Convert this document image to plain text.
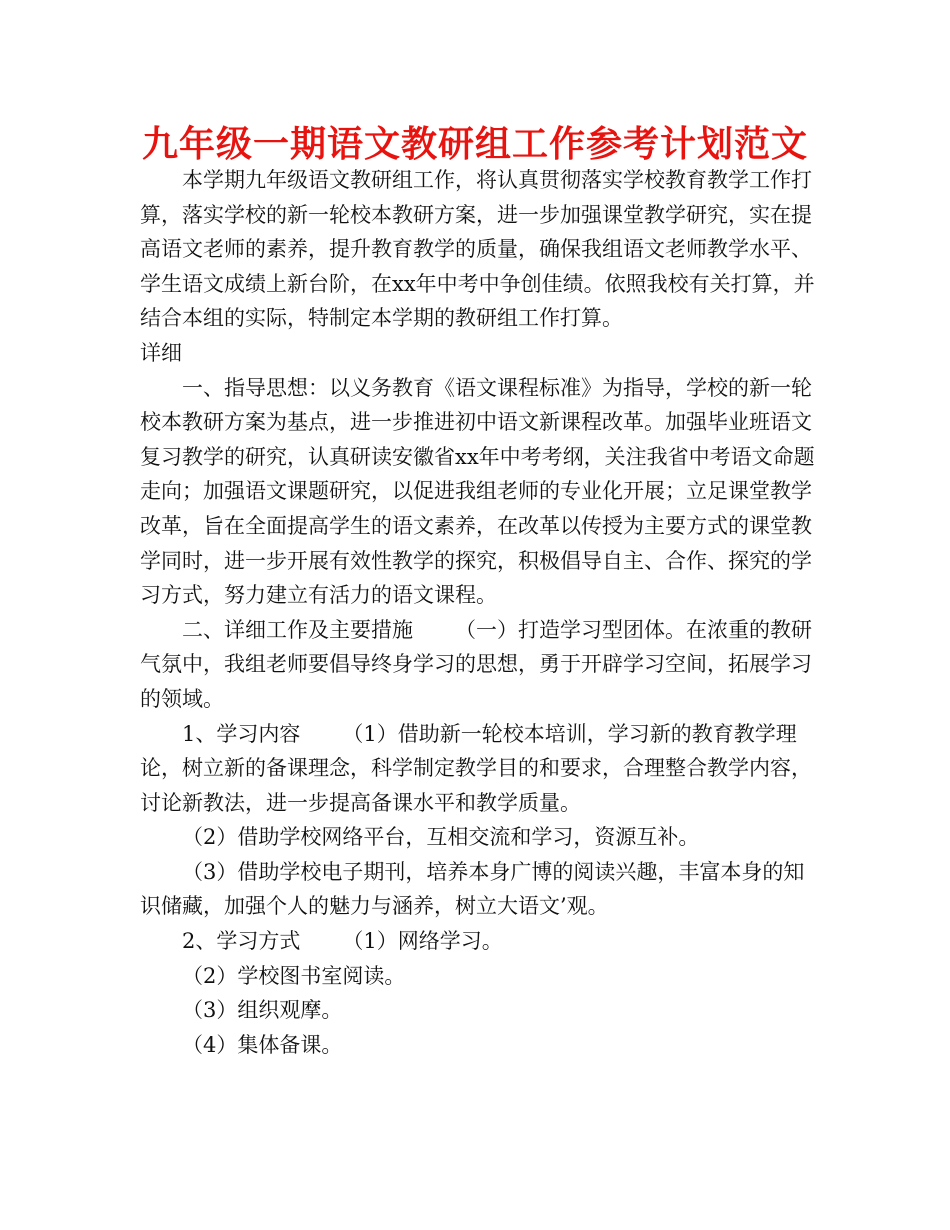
九年级一期语文教研组工作参考计划范文

本学期九年级语文教研组工作，将认真贯彻落实学校教育教学工作打算，落实学校的新一轮校本教研方案，进一步加强课堂教学研究，实在提高语文老师的素养，提升教育教学的质量，确保我组语文老师教学水平、学生语文成绩上新台阶，在xx年中考中争创佳绩。依照我校有关打算，并结合本组的实际，特制定本学期的教研组工作打算。

详细

一、指导思想：以义务教育《语文课程标准》为指导，学校的新一轮校本教研方案为基点，进一步推进初中语文新课程改革。加强毕业班语文复习教学的研究，认真研读安徽省xx年中考考纲，关注我省中考语文命题走向；加强语文课题研究，以促进我组老师的专业化开展；立足课堂教学改革，旨在全面提高学生的语文素养，在改革以传授为主要方式的课堂教学同时，进一步开展有效性教学的探究，积极倡导自主、合作、探究的学习方式，努力建立有活力的语文课程。

二、详细工作及主要措施 （一）打造学习型团体。在浓重的教研气氛中，我组老师要倡导终身学习的思想，勇于开辟学习空间，拓展学习的领域。

1、学习内容 （1）借助新一轮校本培训，学习新的教育教学理论，树立新的备课理念，科学制定教学目的和要求，合理整合教学内容，讨论新教法，进一步提高备课水平和教学质量。

（2）借助学校网络平台，互相交流和学习，资源互补。

（3）借助学校电子期刊，培养本身广博的阅读兴趣，丰富本身的知识储藏，加强个人的魅力与涵养，树立大语文’观。

2、学习方式 （1）网络学习。

（2）学校图书室阅读。

（3）组织观摩。

（4）集体备课。
